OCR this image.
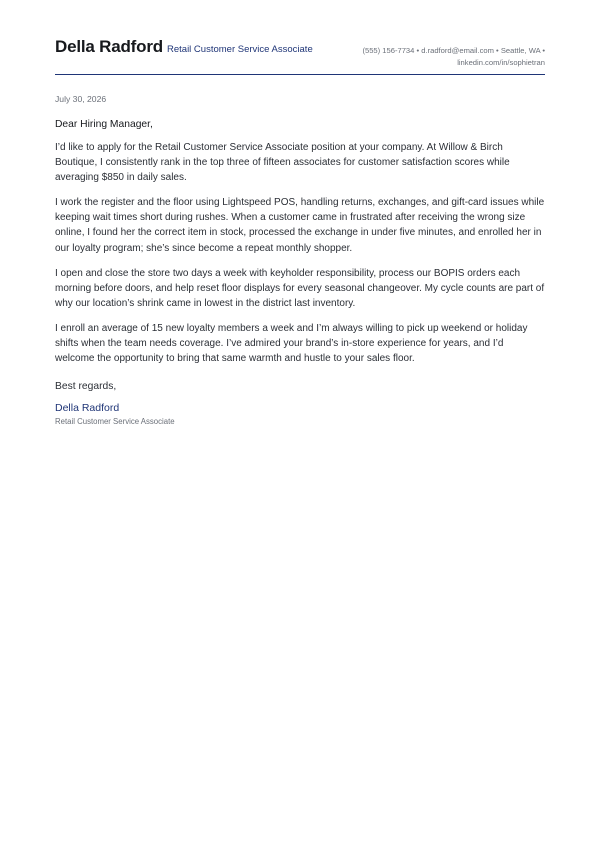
Della Radford Retail Customer Service Associate	(555) 156-7734 • d.radford@email.com • Seattle, WA •
linkedin.com/in/sophietran
July 30, 2026
Dear Hiring Manager,
I’d like to apply for the Retail Customer Service Associate position at your company. At Willow & Birch Boutique, I consistently rank in the top three of fifteen associates for customer satisfaction scores while averaging $850 in daily sales.
I work the register and the floor using Lightspeed POS, handling returns, exchanges, and gift-card issues while keeping wait times short during rushes. When a customer came in frustrated after receiving the wrong size online, I found her the correct item in stock, processed the exchange in under five minutes, and enrolled her in our loyalty program; she’s since become a repeat monthly shopper.
I open and close the store two days a week with keyholder responsibility, process our BOPIS orders each morning before doors, and help reset floor displays for every seasonal changeover. My cycle counts are part of why our location’s shrink came in lowest in the district last inventory.
I enroll an average of 15 new loyalty members a week and I’m always willing to pick up weekend or holiday shifts when the team needs coverage. I’ve admired your brand’s in-store experience for years, and I’d welcome the opportunity to bring that same warmth and hustle to your sales floor.
Best regards,
Della Radford
Retail Customer Service Associate
